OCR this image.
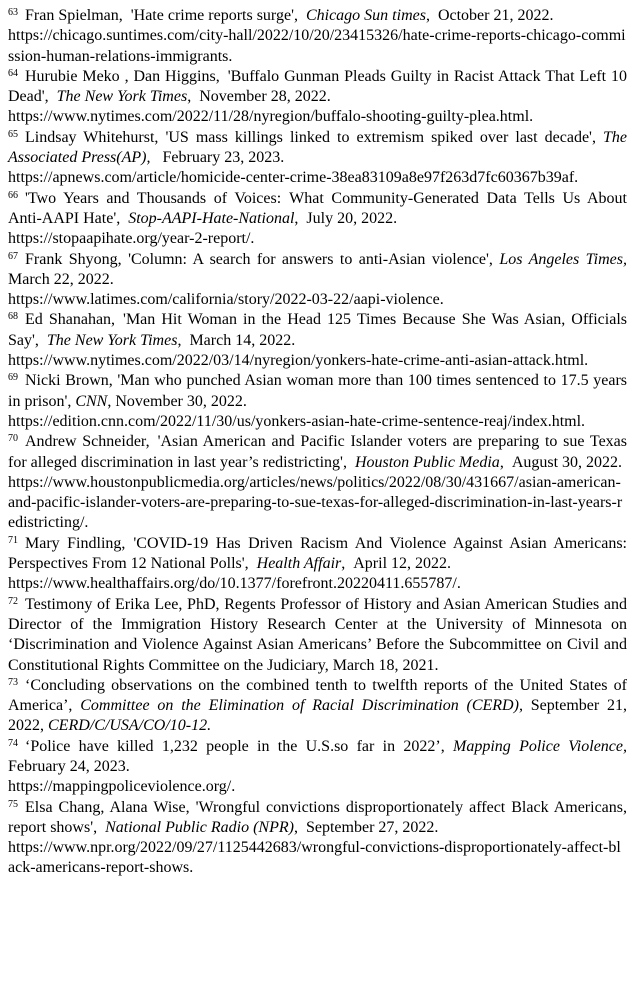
$^{63}$ Fran Spielman, 'Hate crime reports surge', Chicago Sun times, October 21, 2022.
https://chicago.suntimes.com/city-hall/2022/10/20/23415326/hate-crime-reports-chicago-commission-human-relations-immigrants.

$^{64}$ Hurubie Meko , Dan Higgins, 'Buffalo Gunman Pleads Guilty in Racist Attack That Left 10 Dead', The New York Times, November 28, 2022.
https://www.nytimes.com/2022/11/28/nyregion/buffalo-shooting-guilty-plea.html.

$^{65}$ Lindsay Whitehurst, 'US mass killings linked to extremism spiked over last decade', The Associated Press(AP),   February 23, 2023.
https://apnews.com/article/homicide-center-crime-38ea83109a8e97f263d7fc60367b39af.

$^{66}$ 'Two Years and Thousands of Voices: What Community-Generated Data Tells Us About Anti-AAPI Hate', Stop-AAPI-Hate-National, July 20, 2022.
https://stopaapihate.org/year-2-report/.

$^{67}$ Frank Shyong, 'Column: A search for answers to anti-Asian violence', Los Angeles Times, March 22, 2022.
https://www.latimes.com/california/story/2022-03-22/aapi-violence.

$^{68}$ Ed Shanahan, 'Man Hit Woman in the Head 125 Times Because She Was Asian, Officials Say', The New York Times, March 14, 2022.
https://www.nytimes.com/2022/03/14/nyregion/yonkers-hate-crime-anti-asian-attack.html.

$^{69}$ Nicki Brown, 'Man who punched Asian woman more than 100 times sentenced to 17.5 years in prison', CNN, November 30, 2022.
https://edition.cnn.com/2022/11/30/us/yonkers-asian-hate-crime-sentence-reaj/index.html.

$^{70}$ Andrew Schneider, 'Asian American and Pacific Islander voters are preparing to sue Texas for alleged discrimination in last year’s redistricting', Houston Public Media, August 30, 2022.
https://www.houstonpublicmedia.org/articles/news/politics/2022/08/30/431667/asian-american-and-pacific-islander-voters-are-preparing-to-sue-texas-for-alleged-discrimination-in-last-years-redistricting/.

$^{71}$ Mary Findling, 'COVID-19 Has Driven Racism And Violence Against Asian Americans: Perspectives From 12 National Polls', Health Affair, April 12, 2022.
https://www.healthaffairs.org/do/10.1377/forefront.20220411.655787/.

$^{72}$ Testimony of Erika Lee, PhD, Regents Professor of History and Asian American Studies and Director of the Immigration History Research Center at the University of Minnesota on ‘Discrimination and Violence Against Asian Americans’ Before the Subcommittee on Civil and Constitutional Rights Committee on the Judiciary, March 18, 2021.

$^{73}$ ‘Concluding observations on the combined tenth to twelfth reports of the United States of America’, Committee on the Elimination of Racial Discrimination (CERD), September 21, 2022, CERD/C/USA/CO/10-12.

$^{74}$ ‘Police have killed 1,232 people in the U.S.so far in 2022’, Mapping Police Violence, February 24, 2023.
https://mappingpoliceviolence.org/.

$^{75}$ Elsa Chang, Alana Wise, 'Wrongful convictions disproportionately affect Black Americans, report shows', National Public Radio (NPR), September 27, 2022.
https://www.npr.org/2022/09/27/1125442683/wrongful-convictions-disproportionately-affect-black-americans-report-shows.
